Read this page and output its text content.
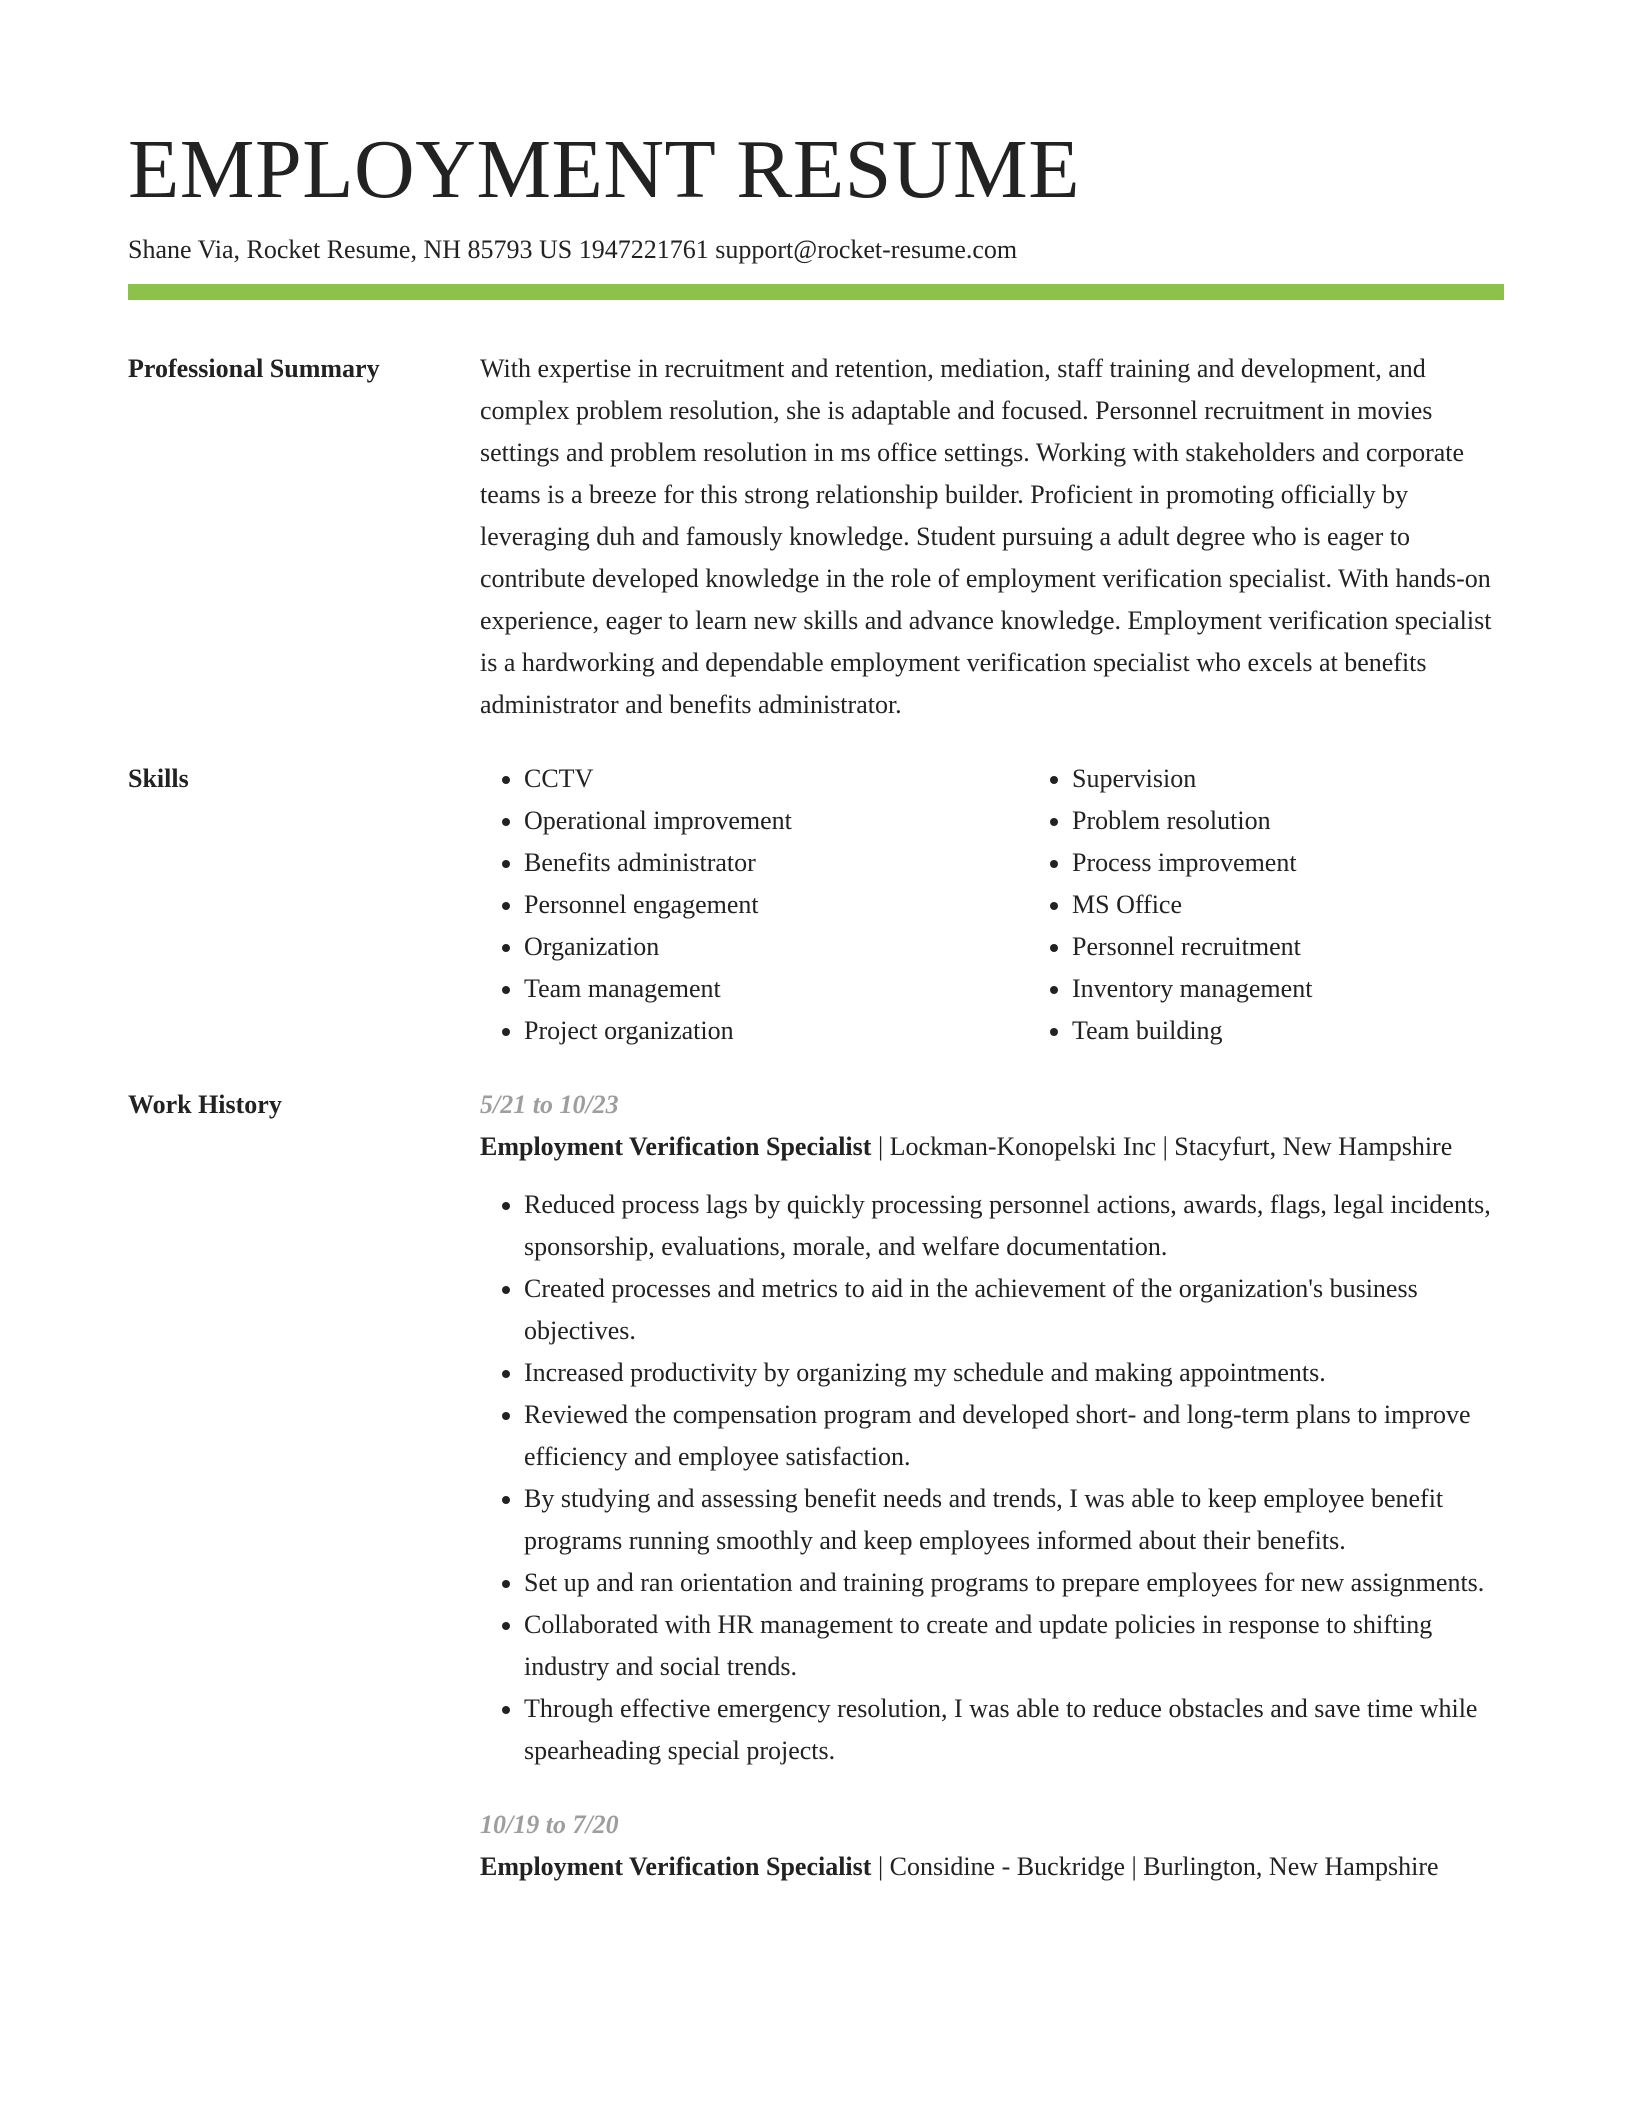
EMPLOYMENT RESUME
Shane Via, Rocket Resume, NH 85793 US 1947221761 support@rocket-resume.com
Professional Summary	With expertise in recruitment and retention, mediation, staff training and development, and complex problem resolution, she is adaptable and focused. Personnel recruitment in movies settings and problem resolution in ms office settings. Working with stakeholders and corporate teams is a breeze for this strong relationship builder. Proficient in promoting officially by leveraging duh and famously knowledge. Student pursuing a adult degree who is eager to contribute developed knowledge in the role of employment verification specialist. With hands-on experience, eager to learn new skills and advance knowledge. Employment verification specialist is a hardworking and dependable employment verification specialist who excels at benefits administrator and benefits administrator.
Skills
•	CCTV
• Operational improvement
• Benefits administrator
• Personnel engagement
• Organization
• Team management
• Project organization
• Supervision
• Problem resolution
• Process improvement
• MS Office
• Personnel recruitment
• Inventory management
• Team building
Work History	5/21 to 10/23
Employment Verification Specialist | Lockman-Konopelski Inc | Stacyfurt, New Hampshire
• Reduced process lags by quickly processing personnel actions, awards, flags, legal incidents, sponsorship, evaluations, morale, and welfare documentation.
• Created processes and metrics to aid in the achievement of the organization's business objectives.
• Increased productivity by organizing my schedule and making appointments.
• Reviewed the compensation program and developed short- and long-term plans to improve efficiency and employee satisfaction.
• By studying and assessing benefit needs and trends, I was able to keep employee benefit programs running smoothly and keep employees informed about their benefits.
• Set up and ran orientation and training programs to prepare employees for new assignments.
• Collaborated with HR management to create and update policies in response to shifting industry and social trends.
• Through effective emergency resolution, I was able to reduce obstacles and save time while spearheading special projects.
10/19 to 7/20
Employment Verification Specialist | Considine - Buckridge | Burlington, New Hampshire
